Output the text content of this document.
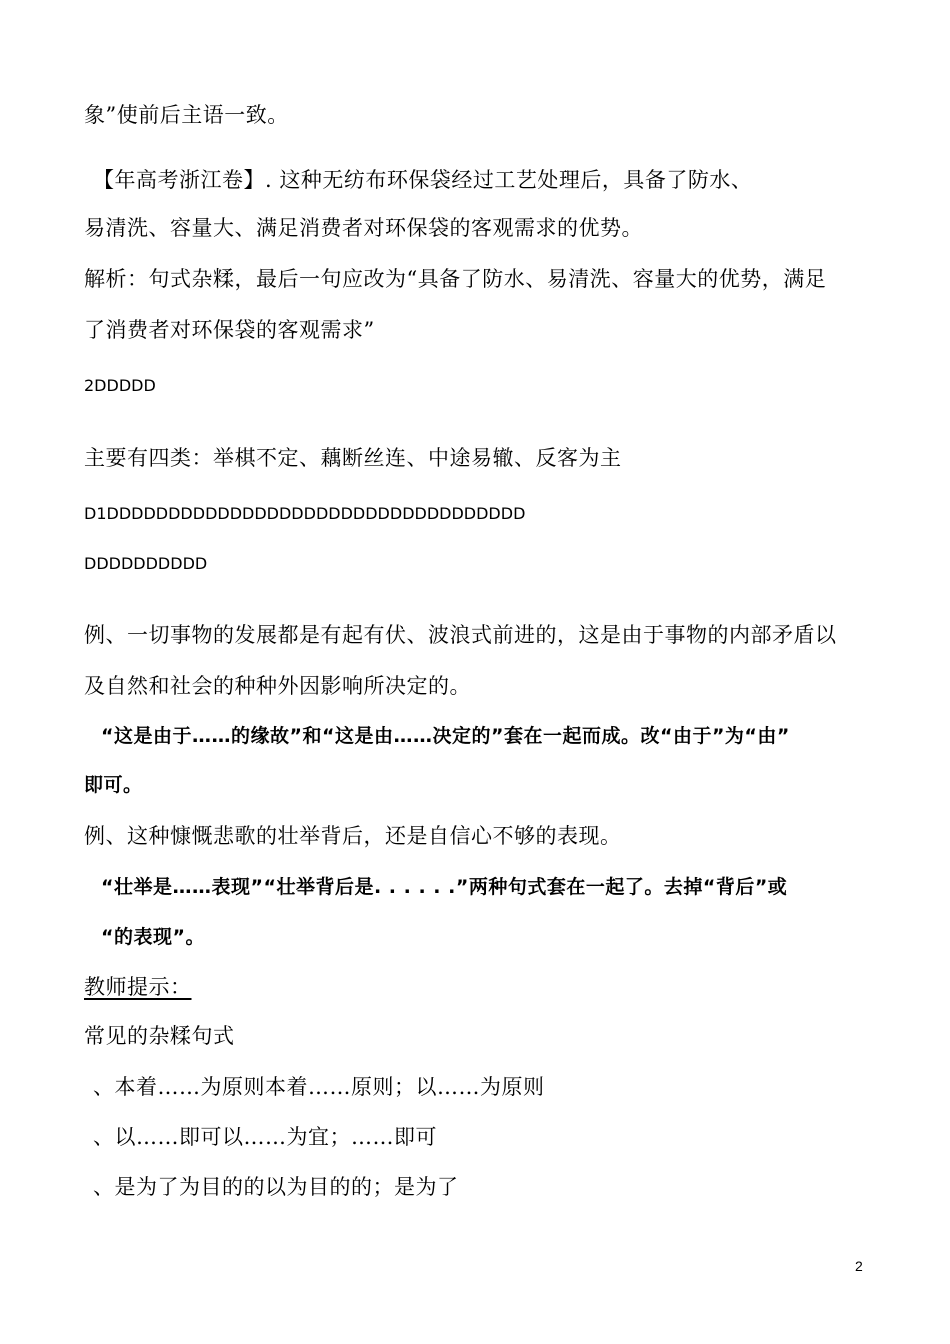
象”使前后主语一致。
【年高考浙江卷】. 这种无纺布环保袋经过工艺处理后，具备了防水、
易清洗、容量大、满足消费者对环保袋的客观需求的优势。
解析：句式杂糅，最后一句应改为“具备了防水、易清洗、容量大的优势，满足
了消费者对环保袋的客观需求”
2DDDDD
主要有四类：举棋不定、藕断丝连、中途易辙、反客为主
D1DDDDDDDDDDDDDDDDDDDDDDDDDDDDDDDDDD
DDDDDDDDDD
例、一切事物的发展都是有起有伏、波浪式前进的，这是由于事物的内部矛盾以
及自然和社会的种种外因影响所决定的。
“这是由于……的缘故”和“这是由……决定的”套在一起而成。改“由于”为“由”
即可。
例、这种慷慨悲歌的壮举背后，还是自信心不够的表现。
“壮举是……表现”“壮举背后是. . . . . .”两种句式套在一起了。去掉“背后”或
“的表现”。
教师提示：
常见的杂糅句式
、本着……为原则本着……原则；以……为原则
、以……即可以……为宜；……即可
、是为了为目的的以为目的的；是为了
2
